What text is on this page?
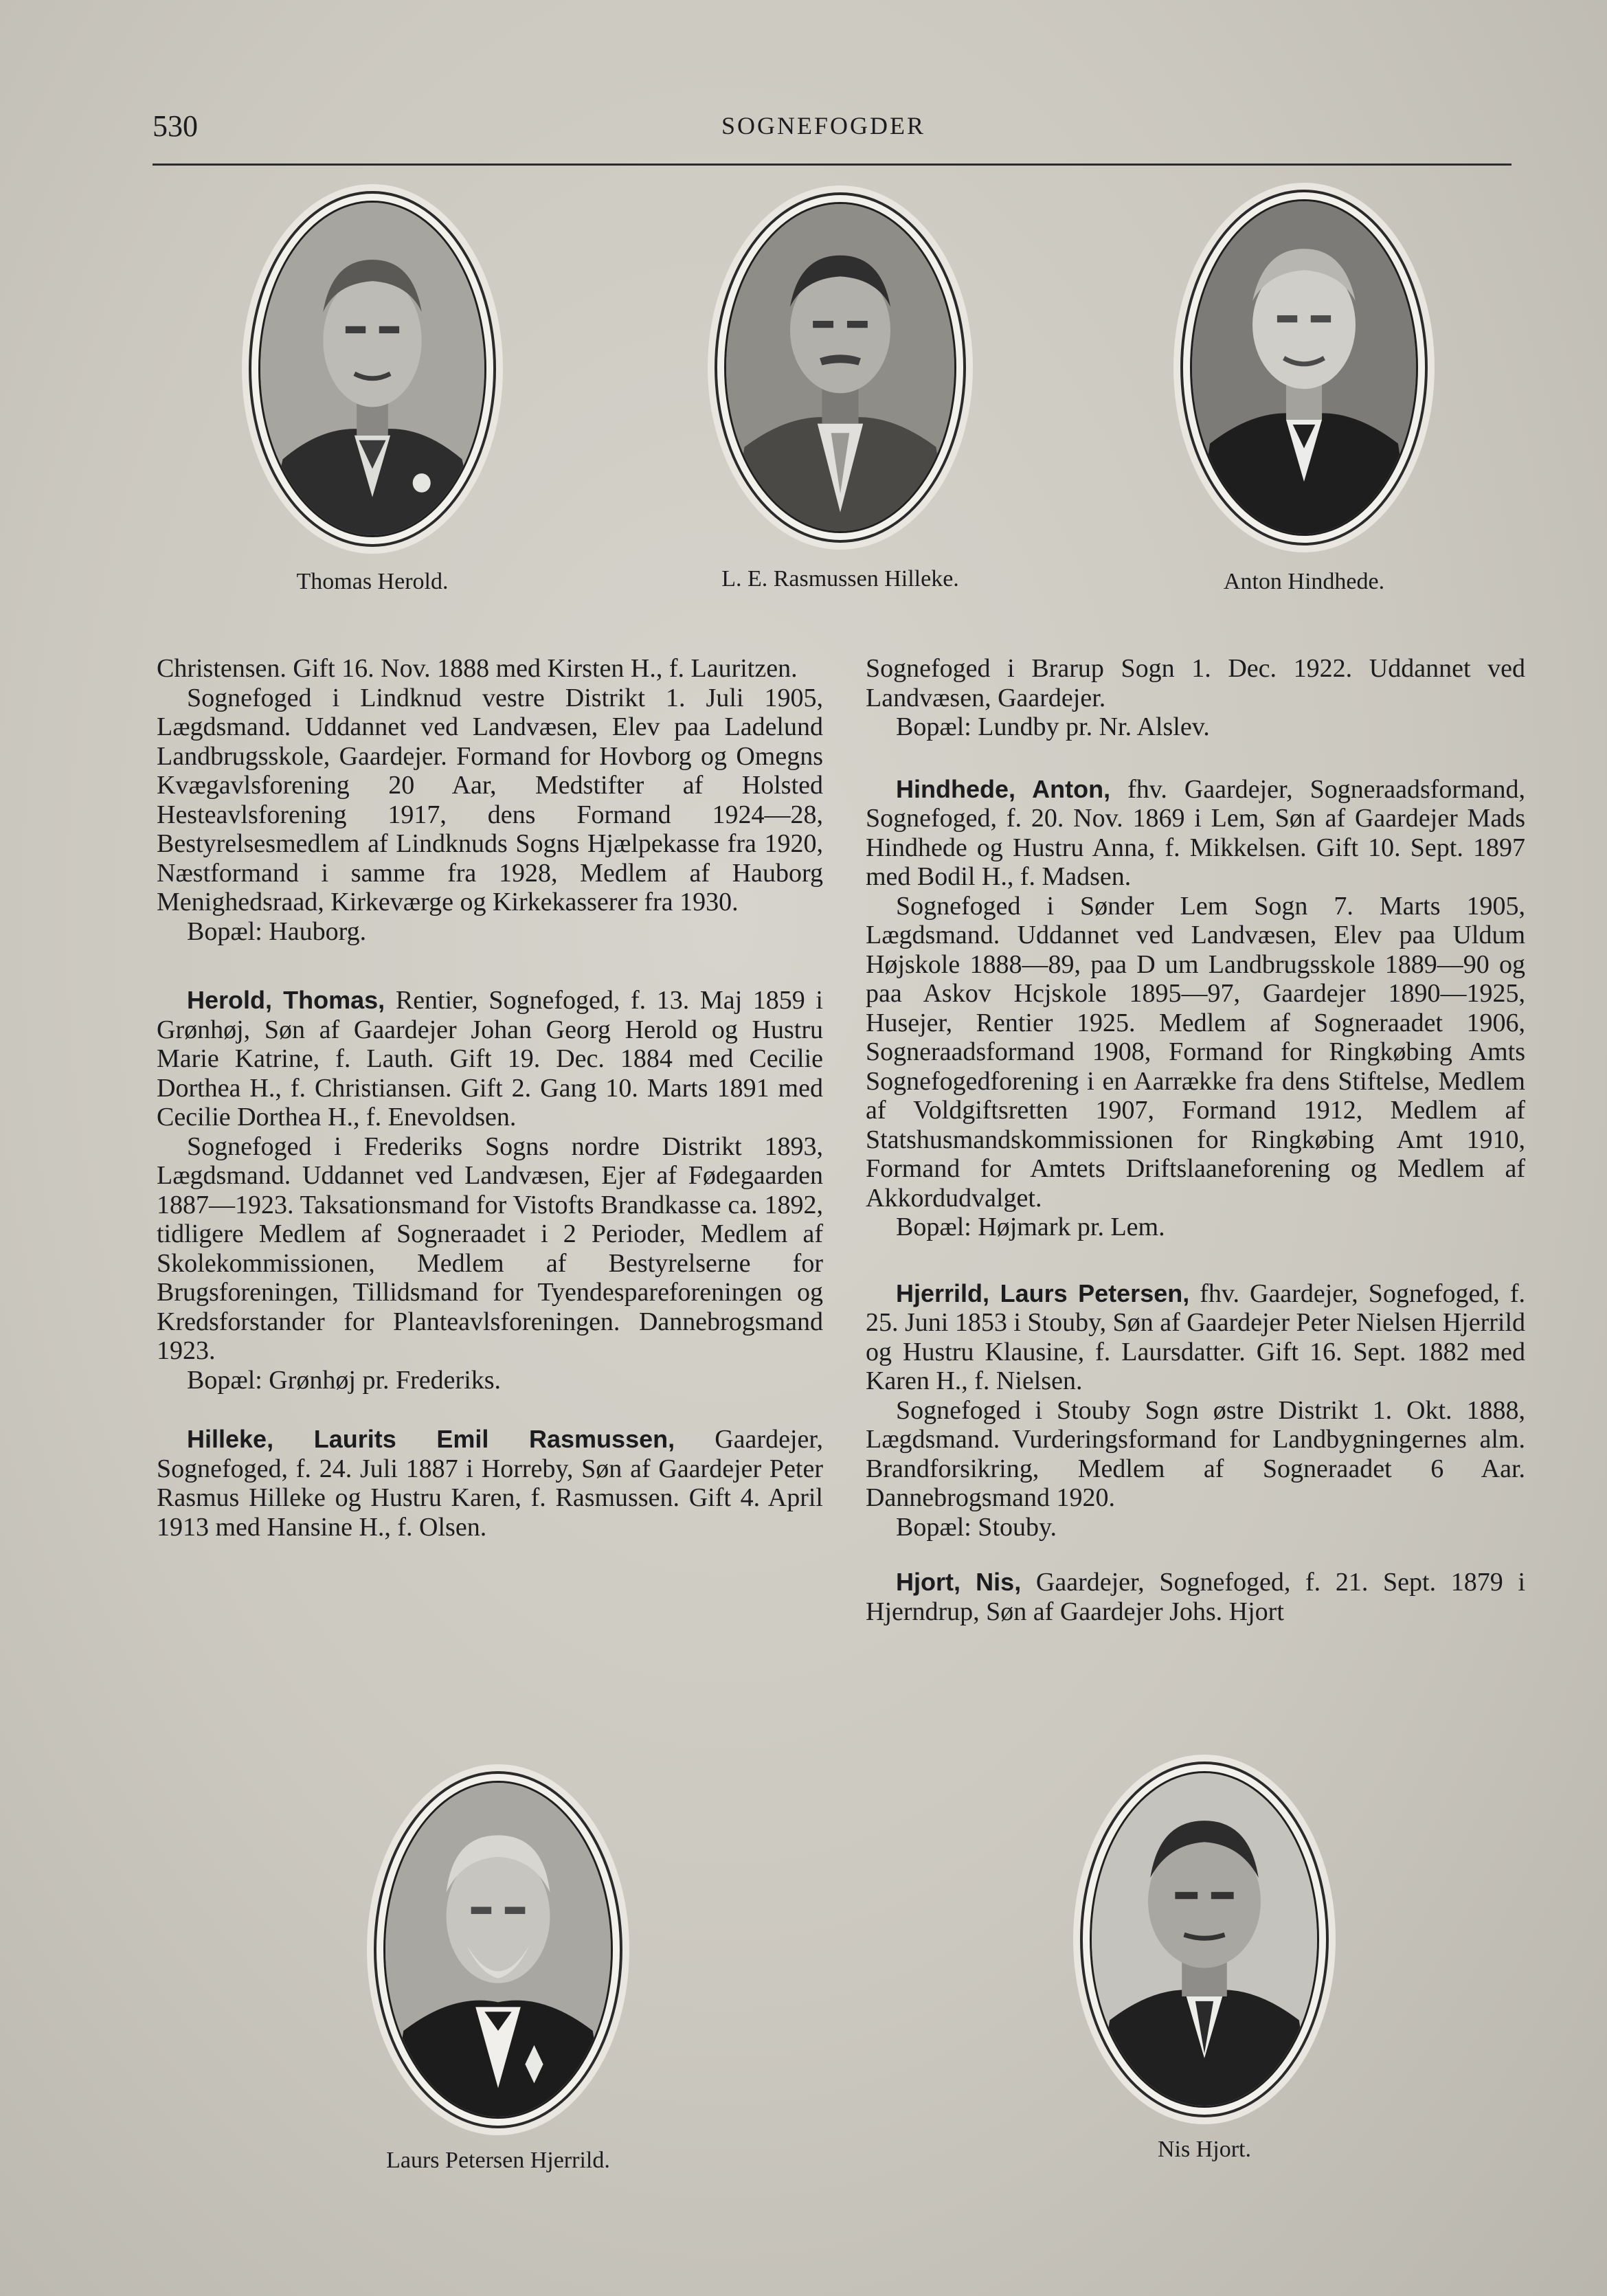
530	SOGNEFOGDER
Thomas Herold.	L. E. Rasmussen Hilleke.	Anton Hindhede.

Christensen. Gift 16. Nov. 1888 med Kirsten H., f. Lauritzen.

Sognefoged i Lindknud vestre Distrikt 1. Juli 1905, Lægdsmand. Uddannet ved Landvæsen, Elev paa Ladelund Landbrugsskole, Gaardejer. Formand for Hovborg og Omegns Kvægavlsforening 20 Aar, Medstifter af Holsted Hesteavlsforening 1917, dens Formand 1924—28, Bestyrelsesmedlem af Lindknuds Sogns Hjælpekasse fra 1920, Næstformand i samme fra 1928, Medlem af Hauborg Menighedsraad, Kirkeværge og Kirkekasserer fra 1930.

Bopæl: Hauborg.

Herold, Thomas, Rentier, Sognefoged, f. 13. Maj 1859 i Grønhøj, Søn af Gaardejer Johan Georg Herold og Hustru Marie Katrine, f. Lauth. Gift 19. Dec. 1884 med Cecilie Dorthea H., f. Christiansen. Gift 2. Gang 10. Marts 1891 med Cecilie Dorthea H., f. Enevoldsen.

Sognefoged i Frederiks Sogns nordre Distrikt 1893, Lægdsmand. Uddannet ved Landvæsen, Ejer af Fødegaarden 1887—1923. Taksationsmand for Vistofts Brandkasse ca. 1892, tidligere Medlem af Sogneraadet i 2 Perioder, Medlem af Skolekommissionen, Medlem af Bestyrelserne for Brugsforeningen, Tillidsmand for Tyendespareforeningen og Kredsforstander for Planteavlsforeningen. Dannebrogsmand 1923.

Bopæl: Grønhøj pr. Frederiks.

Hilleke, Laurits Emil Rasmussen, Gaardejer, Sognefoged, f. 24. Juli 1887 i Horreby, Søn af Gaardejer Peter Rasmus Hilleke og Hustru Karen, f. Rasmussen. Gift 4. April 1913 med Hansine H., f. Olsen.

Sognefoged i Brarup Sogn 1. Dec. 1922. Uddannet ved Landvæsen, Gaardejer.

Bopæl: Lundby pr. Nr. Alslev.

Hindhede, Anton, fhv. Gaardejer, Sogneraadsformand, Sognefoged, f. 20. Nov. 1869 i Lem, Søn af Gaardejer Mads Hindhede og Hustru Anna, f. Mikkelsen. Gift 10. Sept. 1897 med Bodil H., f. Madsen.

Sognefoged i Sønder Lem Sogn 7. Marts 1905, Lægdsmand. Uddannet ved Landvæsen, Elev paa Uldum Højskole 1888—89, paa D um Landbrugsskole 1889—90 og paa Askov Hcjskole 1895—97, Gaardejer 1890—1925, Husejer, Rentier 1925. Medlem af Sogneraadet 1906, Sogneraadsformand 1908, Formand for Ringkøbing Amts Sognefogedforening i en Aarrække fra dens Stiftelse, Medlem af Voldgiftsretten 1907, Formand 1912, Medlem af Statshusmandskommissionen for Ringkøbing Amt 1910, Formand for Amtets Driftslaaneforening og Medlem af Akkordudvalget.

Bopæl: Højmark pr. Lem.

Hjerrild, Laurs Petersen, fhv. Gaardejer, Sognefoged, f. 25. Juni 1853 i Stouby, Søn af Gaardejer Peter Nielsen Hjerrild og Hustru Klausine, f. Laursdatter. Gift 16. Sept. 1882 med Karen H., f. Nielsen.

Sognefoged i Stouby Sogn østre Distrikt 1. Okt. 1888, Lægdsmand. Vurderingsformand for Landbygningernes alm. Brandforsikring, Medlem af Sogneraadet 6 Aar. Dannebrogsmand 1920.

Bopæl: Stouby.

Hjort, Nis, Gaardejer, Sognefoged, f. 21. Sept. 1879 i Hjerndrup, Søn af Gaardejer Johs. Hjort

Laurs Petersen Hjerrild.	Nis Hjort.
